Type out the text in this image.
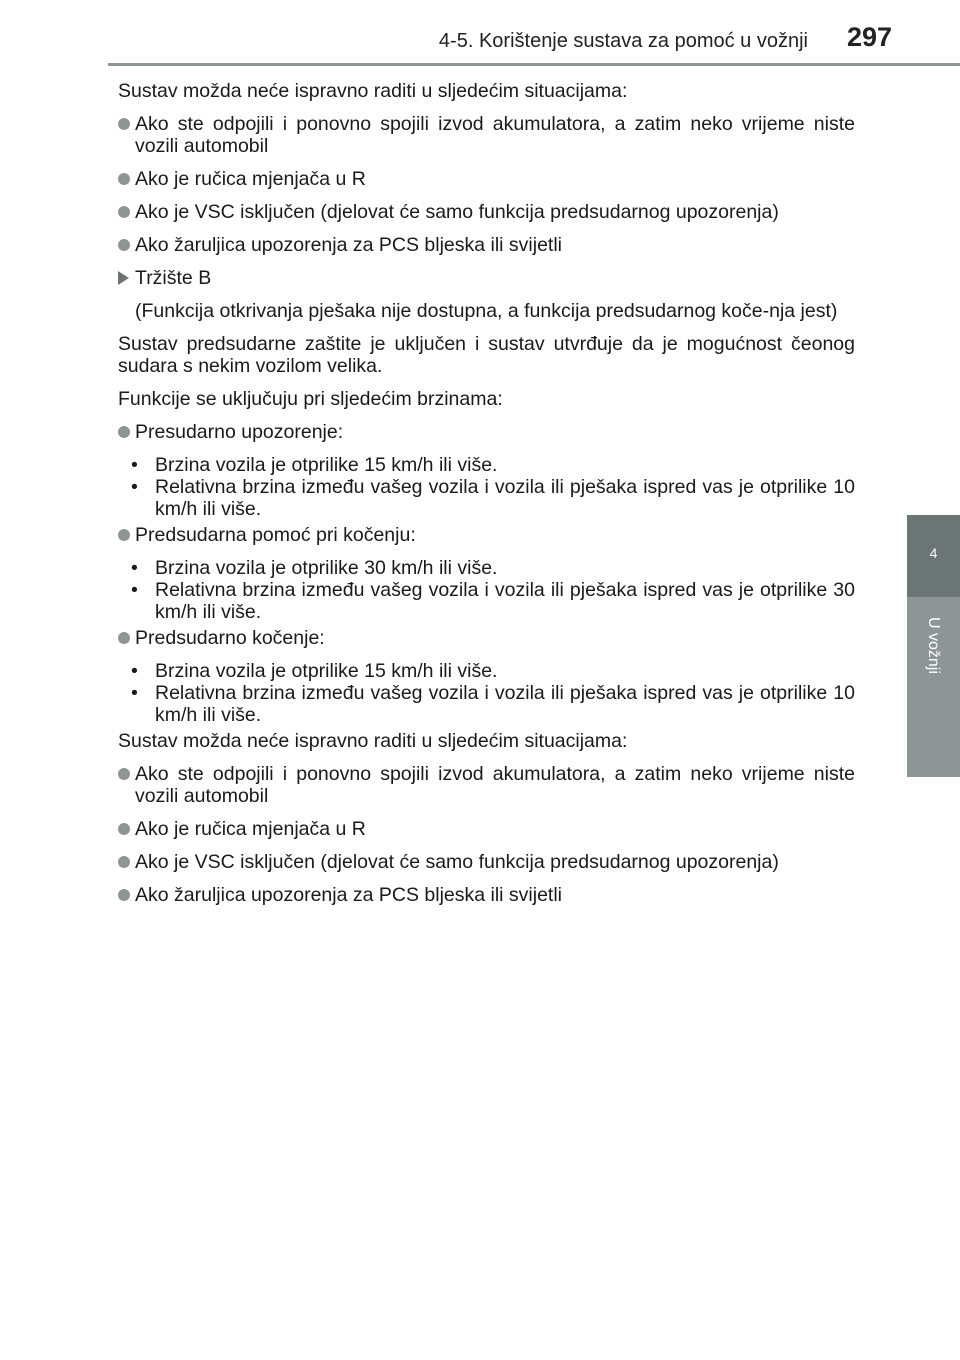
4-5. Korištenje sustava za pomoć u vožnji 297
4
U vožnji

Sustav možda neće ispravno raditi u sljedećim situacijama:

Ako ste odpojili i ponovno spojili izvod akumulatora, a zatim neko vrijeme niste vozili automobil
Ako je ručica mjenjača u R
Ako je VSC isključen (djelovat će samo funkcija predsudarnog upozorenja)
Ako žaruljica upozorenja za PCS bljeska ili svijetli
Tržište B

(Funkcija otkrivanja pješaka nije dostupna, a funkcija predsudarnog koče-nja jest)

Sustav predsudarne zaštite je uključen i sustav utvrđuje da je mogućnost čeonog sudara s nekim vozilom velika.

Funkcije se uključuju pri sljedećim brzinama:

Presudarno upozorenje:
• Brzina vozila je otprilike 15 km/h ili više.
• Relativna brzina između vašeg vozila i vozila ili pješaka ispred vas je otprilike 10 km/h ili više.
Predsudarna pomoć pri kočenju:
• Brzina vozila je otprilike 30 km/h ili više.
• Relativna brzina između vašeg vozila i vozila ili pješaka ispred vas je otprilike 30 km/h ili više.
Predsudarno kočenje:
• Brzina vozila je otprilike 15 km/h ili više.
• Relativna brzina između vašeg vozila i vozila ili pješaka ispred vas je otprilike 10 km/h ili više.

Sustav možda neće ispravno raditi u sljedećim situacijama:

Ako ste odpojili i ponovno spojili izvod akumulatora, a zatim neko vrijeme niste vozili automobil
Ako je ručica mjenjača u R
Ako je VSC isključen (djelovat će samo funkcija predsudarnog upozorenja)
Ako žaruljica upozorenja za PCS bljeska ili svijetli
